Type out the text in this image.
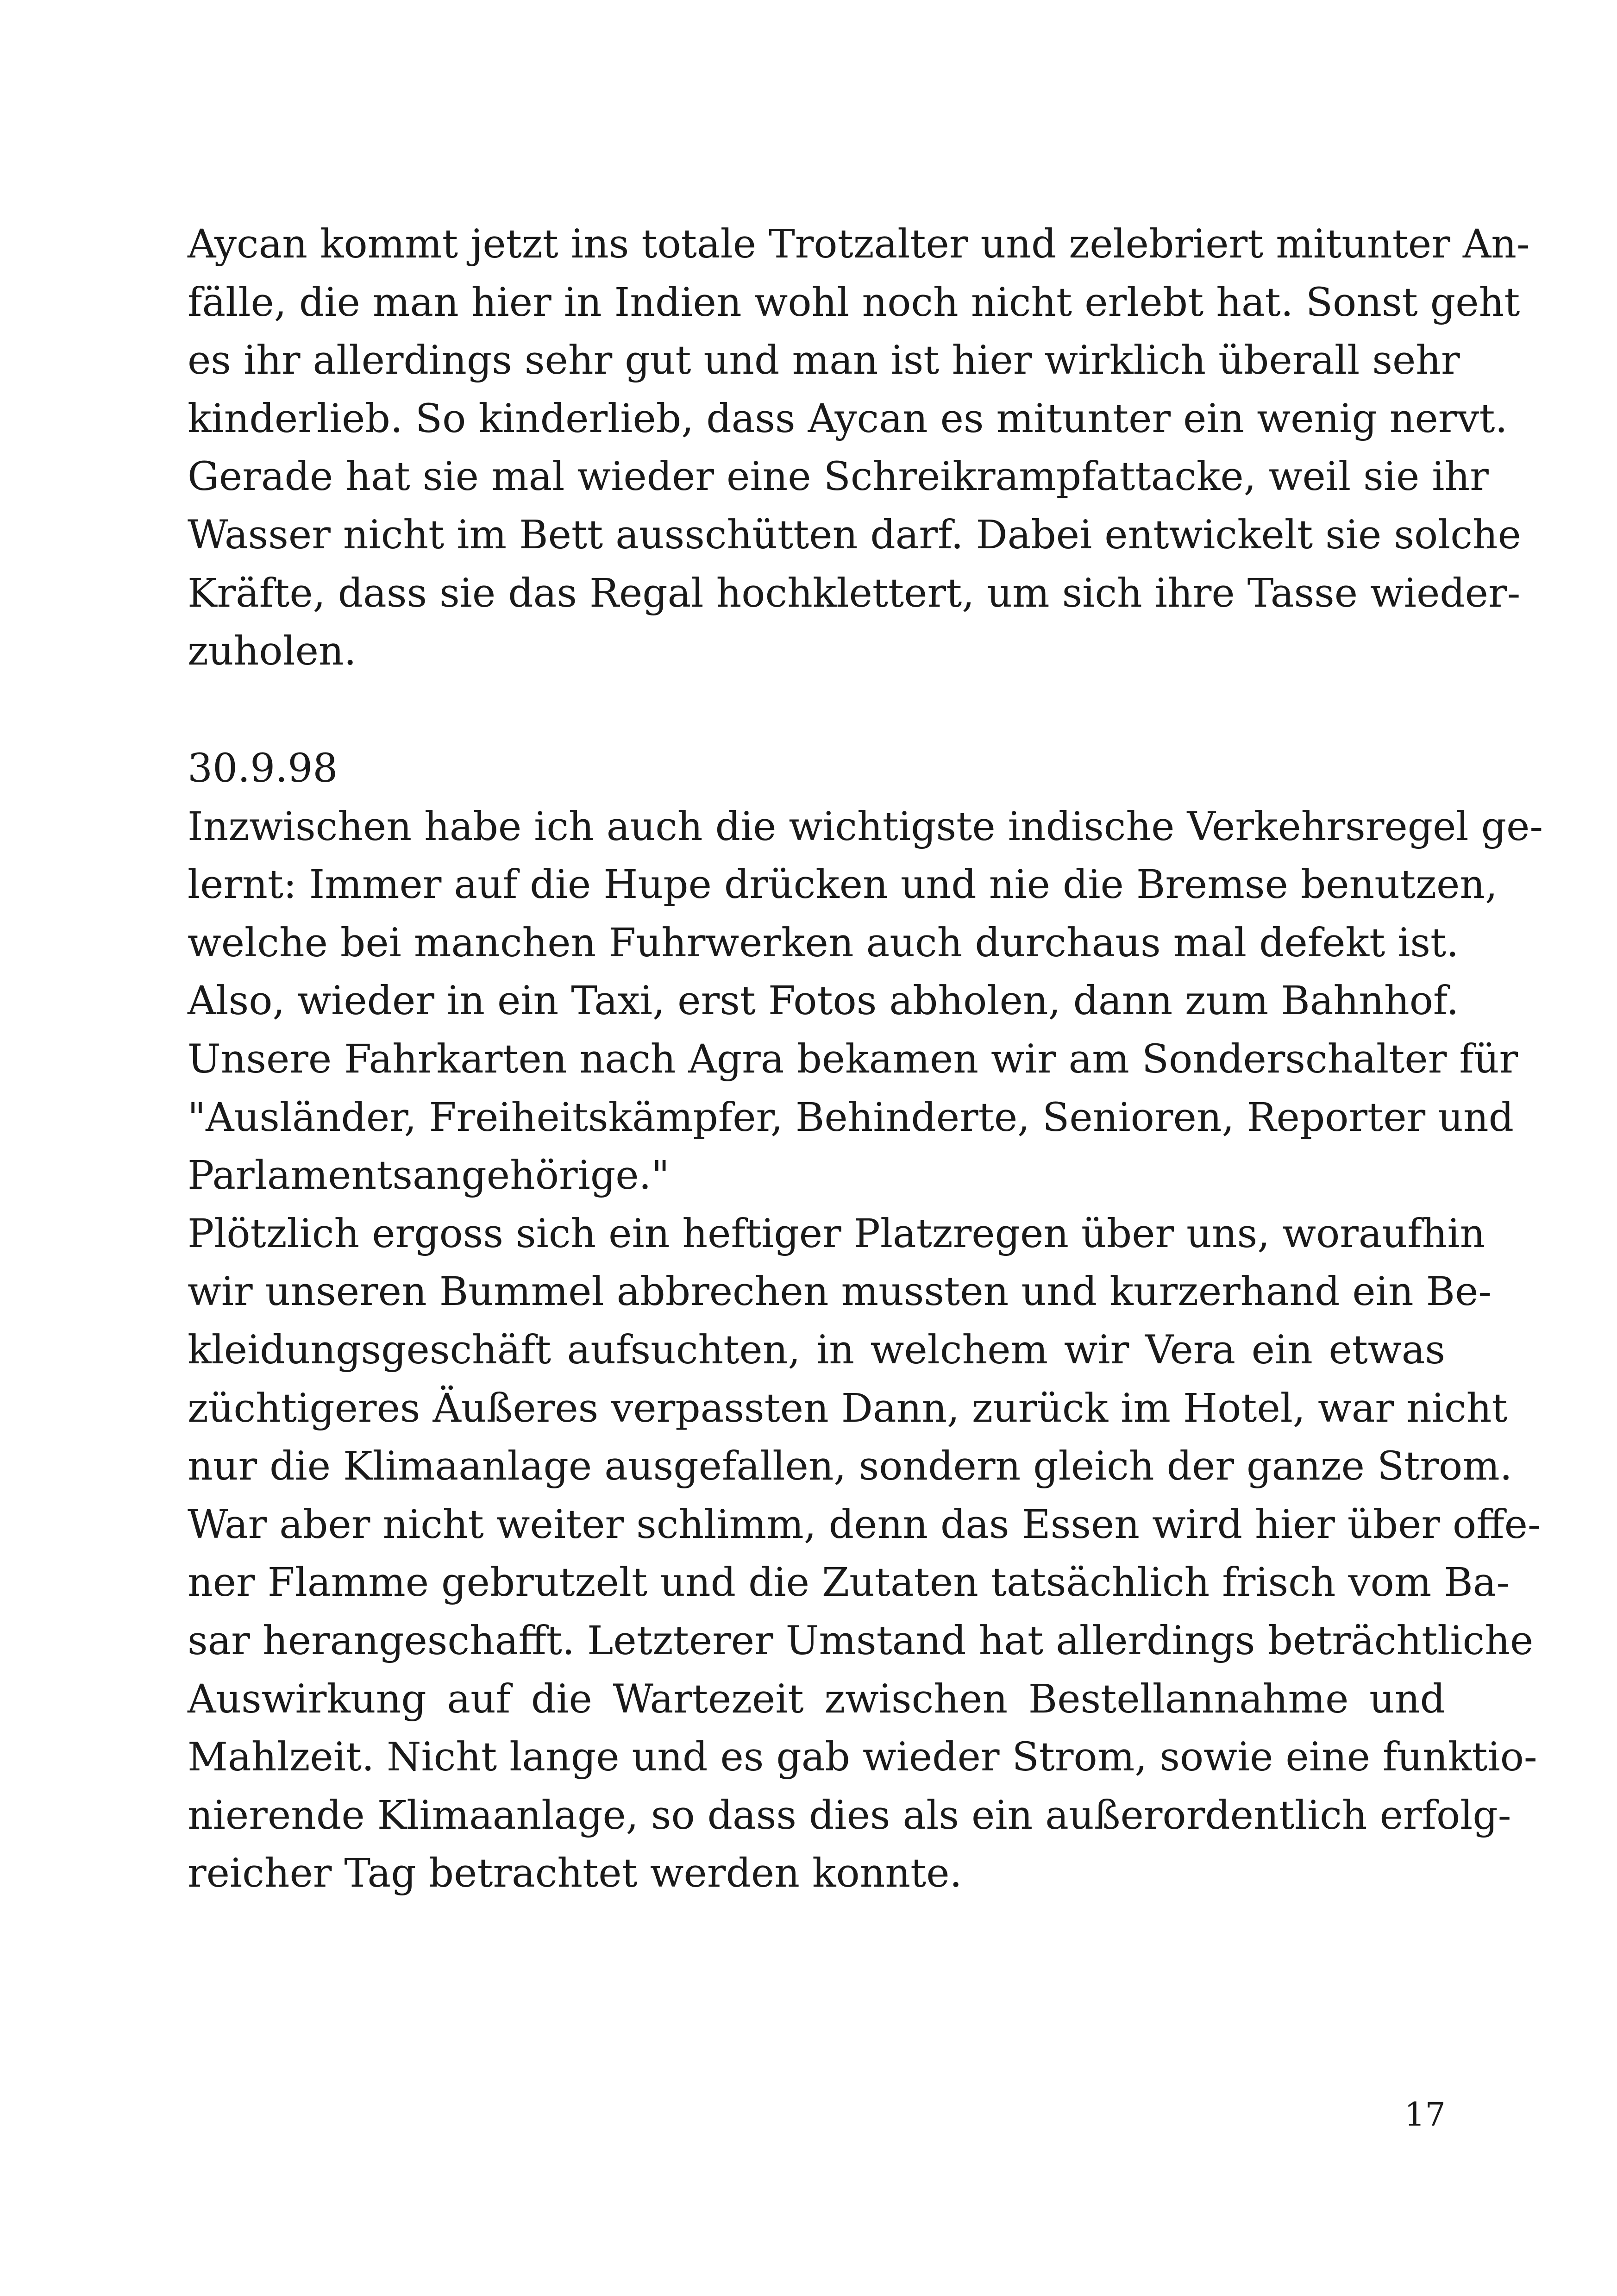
Aycan kommt jetzt ins totale Trotzalter und zelebriert mitunter An-
fälle, die man hier in Indien wohl noch nicht erlebt hat. Sonst geht
es ihr allerdings sehr gut und man ist hier wirklich überall sehr
kinderlieb. So kinderlieb, dass Aycan es mitunter ein wenig nervt.
Gerade hat sie mal wieder eine Schreikrampfattacke, weil sie ihr
Wasser nicht im Bett ausschütten darf. Dabei entwickelt sie solche
Kräfte, dass sie das Regal hochklettert, um sich ihre Tasse wieder-
zuholen.

30.9.98

Inzwischen habe ich auch die wichtigste indische Verkehrsregel ge-
lernt: Immer auf die Hupe drücken und nie die Bremse benutzen,
welche bei manchen Fuhrwerken auch durchaus mal defekt ist.
Also, wieder in ein Taxi, erst Fotos abholen, dann zum Bahnhof.
Unsere Fahrkarten nach Agra bekamen wir am Sonderschalter für
"Ausländer, Freiheitskämpfer, Behinderte, Senioren, Reporter und
Parlamentsangehörige."

Plötzlich ergoss sich ein heftiger Platzregen über uns, woraufhin
wir unseren Bummel abbrechen mussten und kurzerhand ein Be-
kleidungsgeschäft aufsuchten, in welchem wir Vera ein etwas
züchtigeres Äußeres verpassten Dann, zurück im Hotel, war nicht
nur die Klimaanlage ausgefallen, sondern gleich der ganze Strom.
War aber nicht weiter schlimm, denn das Essen wird hier über offe-
ner Flamme gebrutzelt und die Zutaten tatsächlich frisch vom Ba-
sar herangeschafft. Letzterer Umstand hat allerdings beträchtliche
Auswirkung auf die Wartezeit zwischen Bestellannahme und
Mahlzeit. Nicht lange und es gab wieder Strom, sowie eine funktio-
nierende Klimaanlage, so dass dies als ein außerordentlich erfolg-
reicher Tag betrachtet werden konnte.

17
